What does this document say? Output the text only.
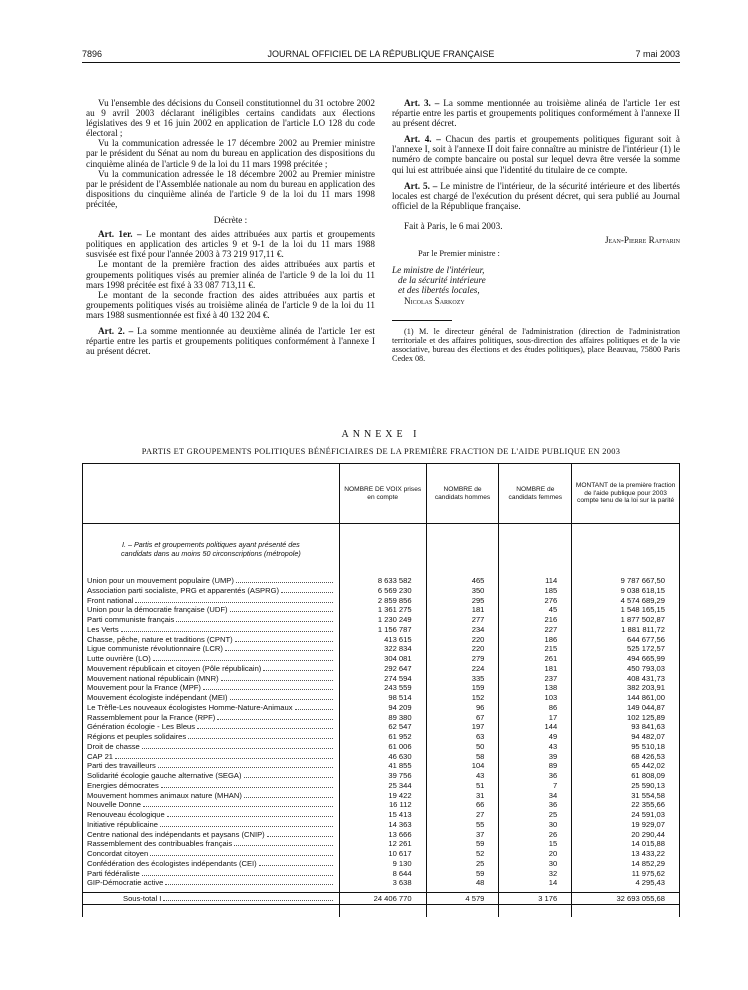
7896	JOURNAL OFFICIEL DE LA RÉPUBLIQUE FRANÇAISE	7 mai 2003

Vu l'ensemble des décisions du Conseil constitutionnel du 31 octobre 2002 au 9 avril 2003 déclarant inéligibles certains candidats aux élections législatives des 9 et 16 juin 2002 en application de l'article LO 128 du code électoral ;

Vu la communication adressée le 17 décembre 2002 au Premier ministre par le président du Sénat au nom du bureau en application des dispositions du cinquième alinéa de l'article 9 de la loi du 11 mars 1998 précitée ;

Vu la communication adressée le 18 décembre 2002 au Premier ministre par le président de l'Assemblée nationale au nom du bureau en application des dispositions du cinquième alinéa de l'article 9 de la loi du 11 mars 1998 précitée,

Décrète :

Art. 1er. – Le montant des aides attribuées aux partis et groupements politiques en application des articles 9 et 9-1 de la loi du 11 mars 1988 susvisée est fixé pour l'année 2003 à 73 219 917,11 €.

Le montant de la première fraction des aides attribuées aux partis et groupements politiques visés au premier alinéa de l'article 9 de la loi du 11 mars 1998 précitée est fixé à 33 087 713,11 €.

Le montant de la seconde fraction des aides attribuées aux partis et groupements politiques visés au troisième alinéa de l'article 9 de la loi du 11 mars 1988 susmentionnée est fixé à 40 132 204 €.

Art. 2. – La somme mentionnée au deuxième alinéa de l'article 1er est répartie entre les partis et groupements politiques conformément à l'annexe I au présent décret.

Art. 3. – La somme mentionnée au troisième alinéa de l'article 1er est répartie entre les partis et groupements politiques conformément à l'annexe II au présent décret.

Art. 4. – Chacun des partis et groupements politiques figurant soit à l'annexe I, soit à l'annexe II doit faire connaître au ministre de l'intérieur (1) le numéro de compte bancaire ou postal sur lequel devra être versée la somme qui lui est attribuée ainsi que l'identité du titulaire de ce compte.

Art. 5. – Le ministre de l'intérieur, de la sécurité intérieure et des libertés locales est chargé de l'exécution du présent décret, qui sera publié au Journal officiel de la République française.

Fait à Paris, le 6 mai 2003.

Jean-Pierre Raffarin

Par le Premier ministre :

Le ministre de l'intérieur,

de la sécurité intérieure

et des libertés locales,

Nicolas Sarkozy

(1) M. le directeur général de l'administration (direction de l'administration territoriale et des affaires politiques, sous-direction des affaires politiques et de la vie associative, bureau des élections et des études politiques), place Beauvau, 75800 Paris Cedex 08.

ANNEXE I
PARTIS ET GROUPEMENTS POLITIQUES BÉNÉFICIAIRES DE LA PREMIÈRE FRACTION DE L'AIDE PUBLIQUE EN 2003
	NOMBRE DE VOIX prises en compte	NOMBRE de candidats hommes	NOMBRE de candidats femmes	MONTANT de la première fraction de l'aide publique pour 2003 compte tenu de la loi sur la parité

I. – Partis et groupements politiques ayant présenté des candidats dans au moins 50 circonscriptions (métropole)				

Union pour un mouvement populaire (UMP)	8 633 582	465	114	9 787 667,50

Association parti socialiste, PRG et apparentés (ASPRG)	6 569 230	350	185	9 038 618,15

Front national	2 859 856	295	276	4 574 689,29

Union pour la démocratie française (UDF)	1 361 275	181	45	1 548 165,15

Parti communiste français	1 230 249	277	216	1 877 502,87

Les Verts	1 156 787	234	227	1 881 811,72

Chasse, pêche, nature et traditions (CPNT)	413 615	220	186	644 677,56

Ligue communiste révolutionnaire (LCR)	322 834	220	215	525 172,57

Lutte ouvrière (LO)	304 081	279	261	494 665,99

Mouvement républicain et citoyen (Pôle républicain)	292 647	224	181	450 793,03

Mouvement national républicain (MNR)	274 594	335	237	408 431,73

Mouvement pour la France (MPF)	243 559	159	138	382 203,91

Mouvement écologiste indépendant (MEI)	98 514	152	103	144 861,00

Le Trèfle-Les nouveaux écologistes Homme-Nature-Animaux	94 209	96	86	149 044,87

Rassemblement pour la France (RPF)	89 380	67	17	102 125,89

Génération écologie - Les Bleus	62 547	197	144	93 841,63

Régions et peuples solidaires	61 952	63	49	94 482,07

Droit de chasse	61 006	50	43	95 510,18

CAP 21	46 630	58	39	68 426,53

Parti des travailleurs	41 855	104	89	65 442,02

Solidarité écologie gauche alternative (SEGA)	39 756	43	36	61 808,09

Energies démocrates	25 344	51	7	25 590,13

Mouvement hommes animaux nature (MHAN)	19 422	31	34	31 554,58

Nouvelle Donne	16 112	66	36	22 355,66

Renouveau écologique	15 413	27	25	24 591,03

Initiative républicaine	14 363	55	30	19 929,07

Centre national des indépendants et paysans (CNIP)	13 666	37	26	20 290,44

Rassemblement des contribuables français	12 261	59	15	14 015,88

Concordat citoyen	10 617	52	20	13 433,22

Confédération des écologistes indépendants (CEI)	9 130	25	30	14 852,29

Parti fédéraliste	8 644	59	32	11 975,62

GIP-Démocratie active	3 638	48	14	4 295,43

Sous-total I	24 406 770	4 579	3 176	32 693 055,68
